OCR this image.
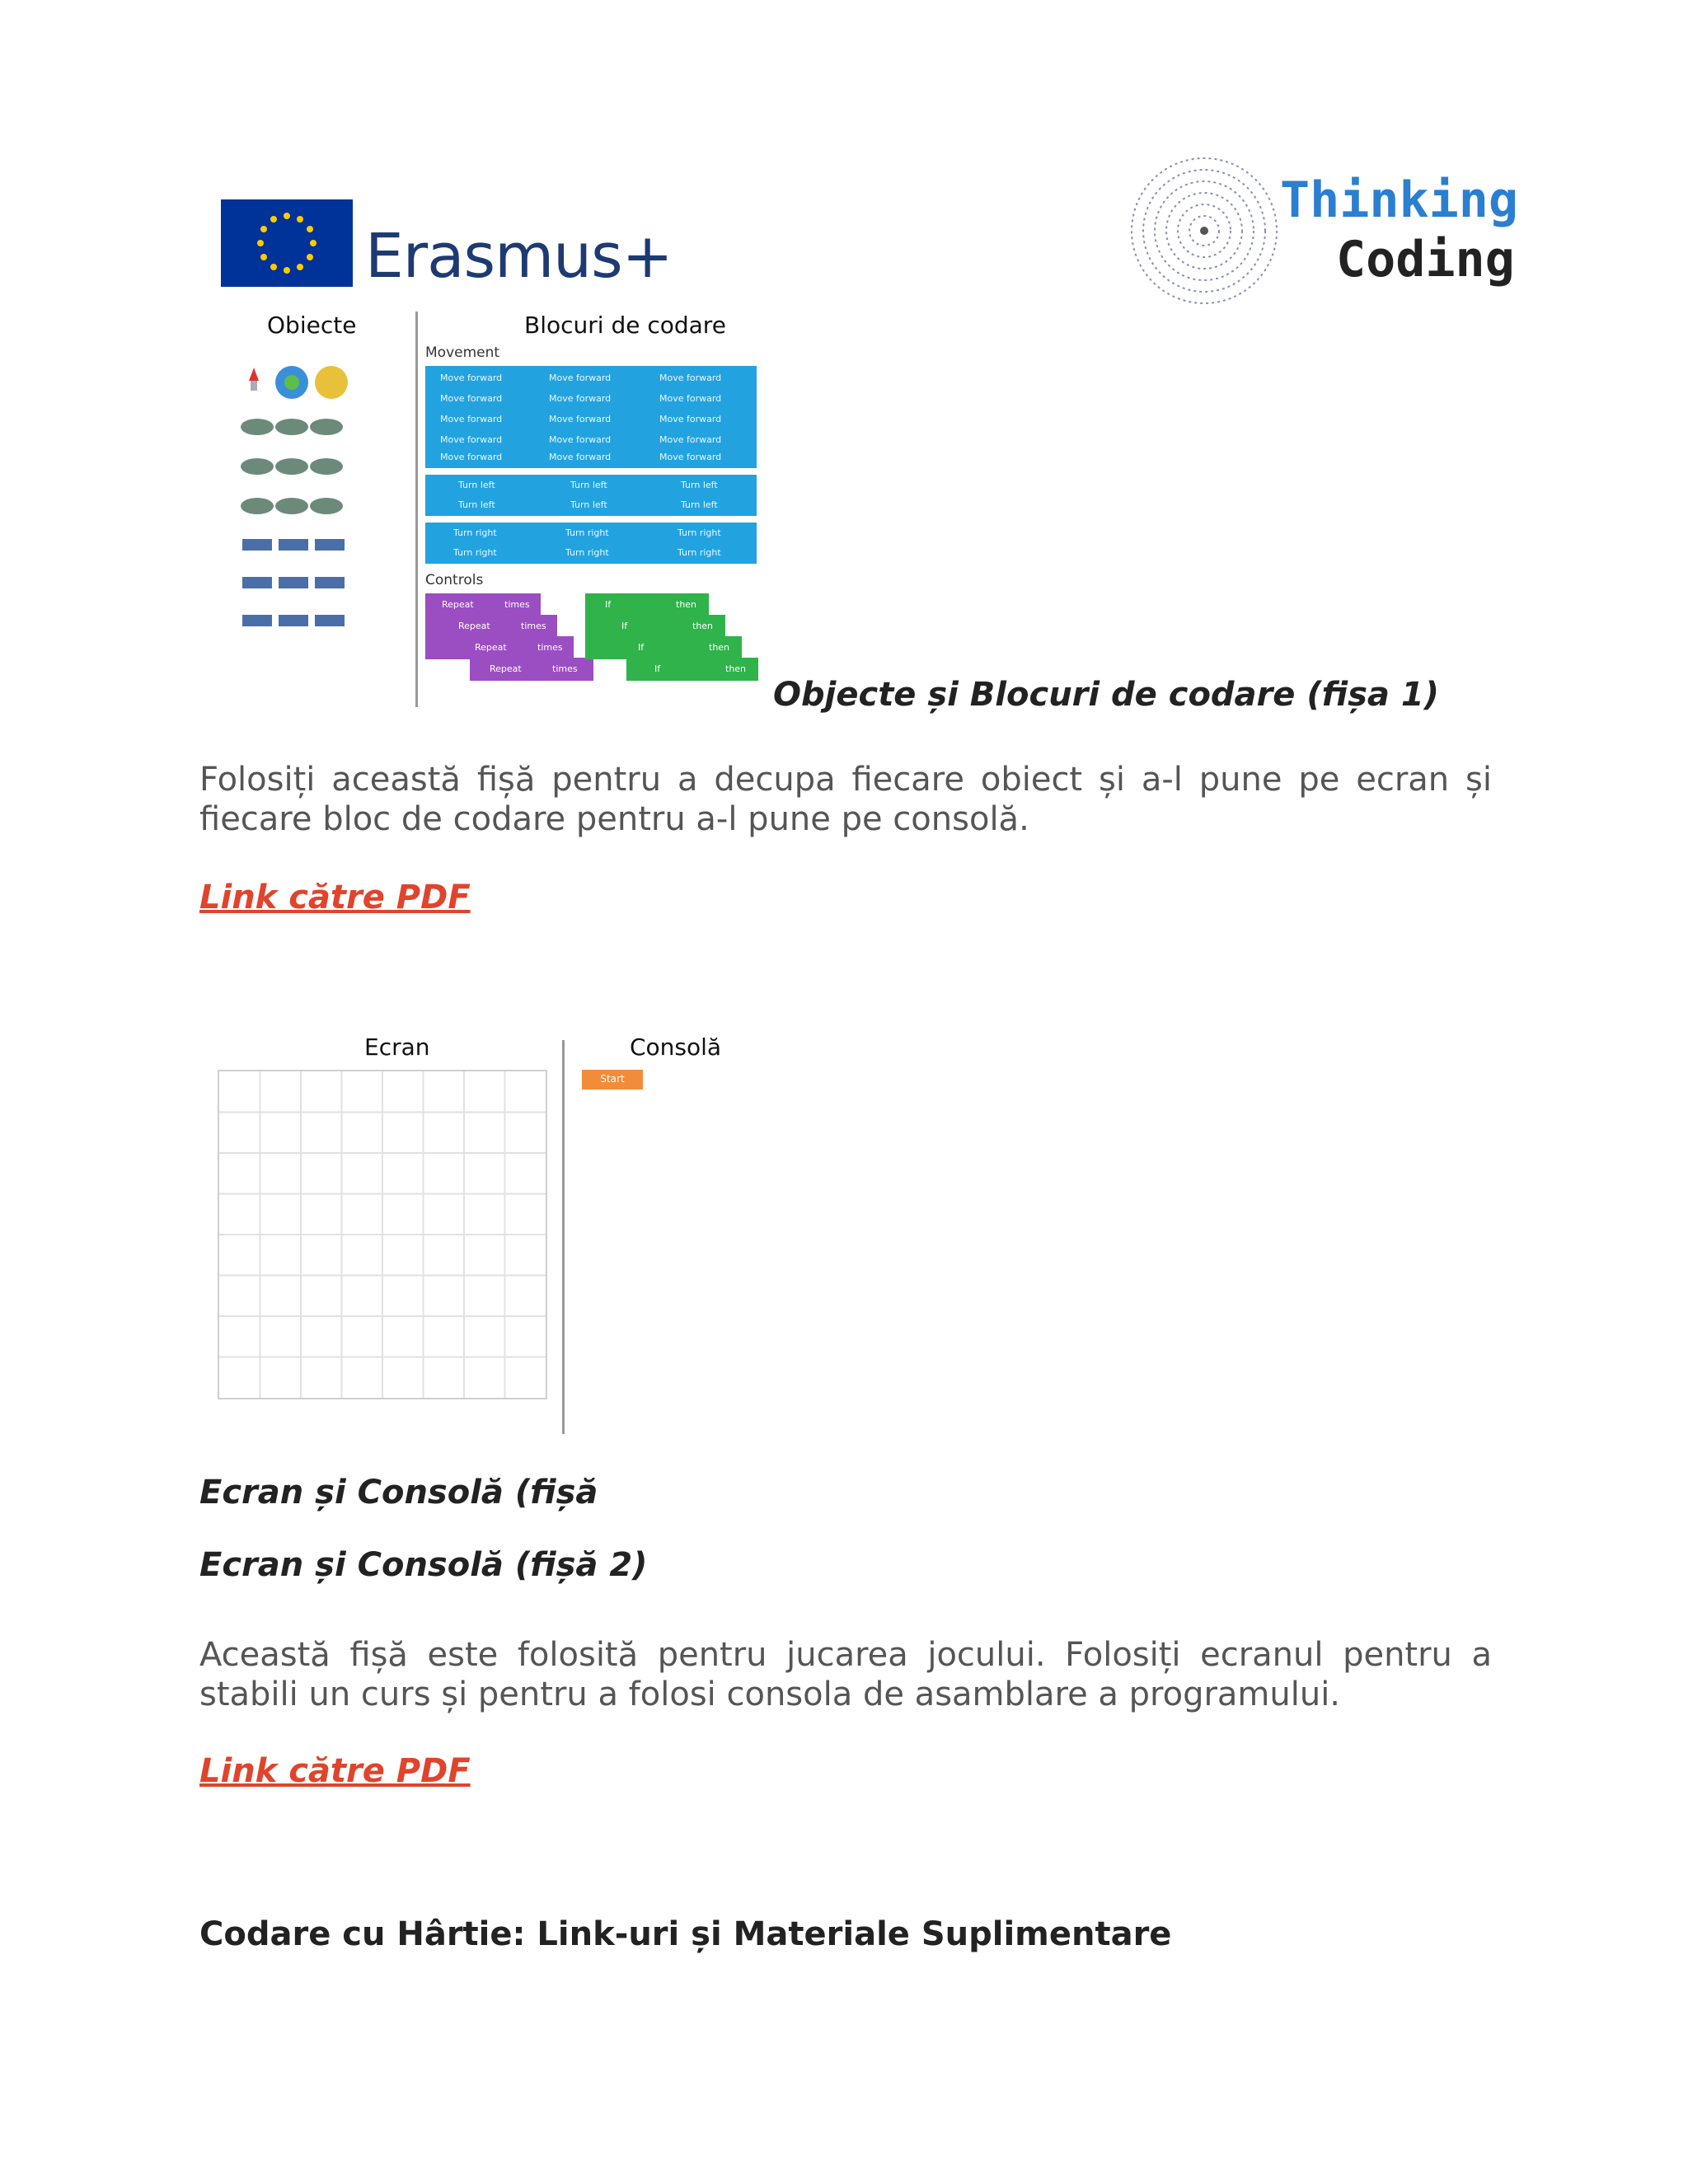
Erasmus+
Thinking
Coding
Obiecte	Blocuri de codare
Movement
Move forward	Move forward	Move forward
Move forward	Move forward	Move forward
Move forward	Move forward	Move forward
Move forward	Move forward	Move forward
Move forward	Move forward	Move forward
Turn left	Turn left	Turn left
Turn left	Turn left	Turn left
Turn right	Turn right	Turn right
Turn right	Turn right	Turn right
Controls
Repeat	times
Repeat	times
Repeat	times
Repeat	times
If	then
If	then
If	then
If	then
Objecte și Blocuri de codare (fișa 1)
Folosiți această fișă pentru a decupa fiecare obiect și a-l pune pe ecran și fiecare bloc de codare pentru a-l pune pe consolă.
Link către PDF
Ecran	Consolă
Start
Ecran și Consolă (fișă
Ecran și Consolă (fișă 2)
Această fișă este folosită pentru jucarea jocului. Folosiți ecranul pentru a stabili un curs și pentru a folosi consola de asamblare a programului.
Link către PDF
Codare cu Hârtie: Link-uri și Materiale Suplimentare
